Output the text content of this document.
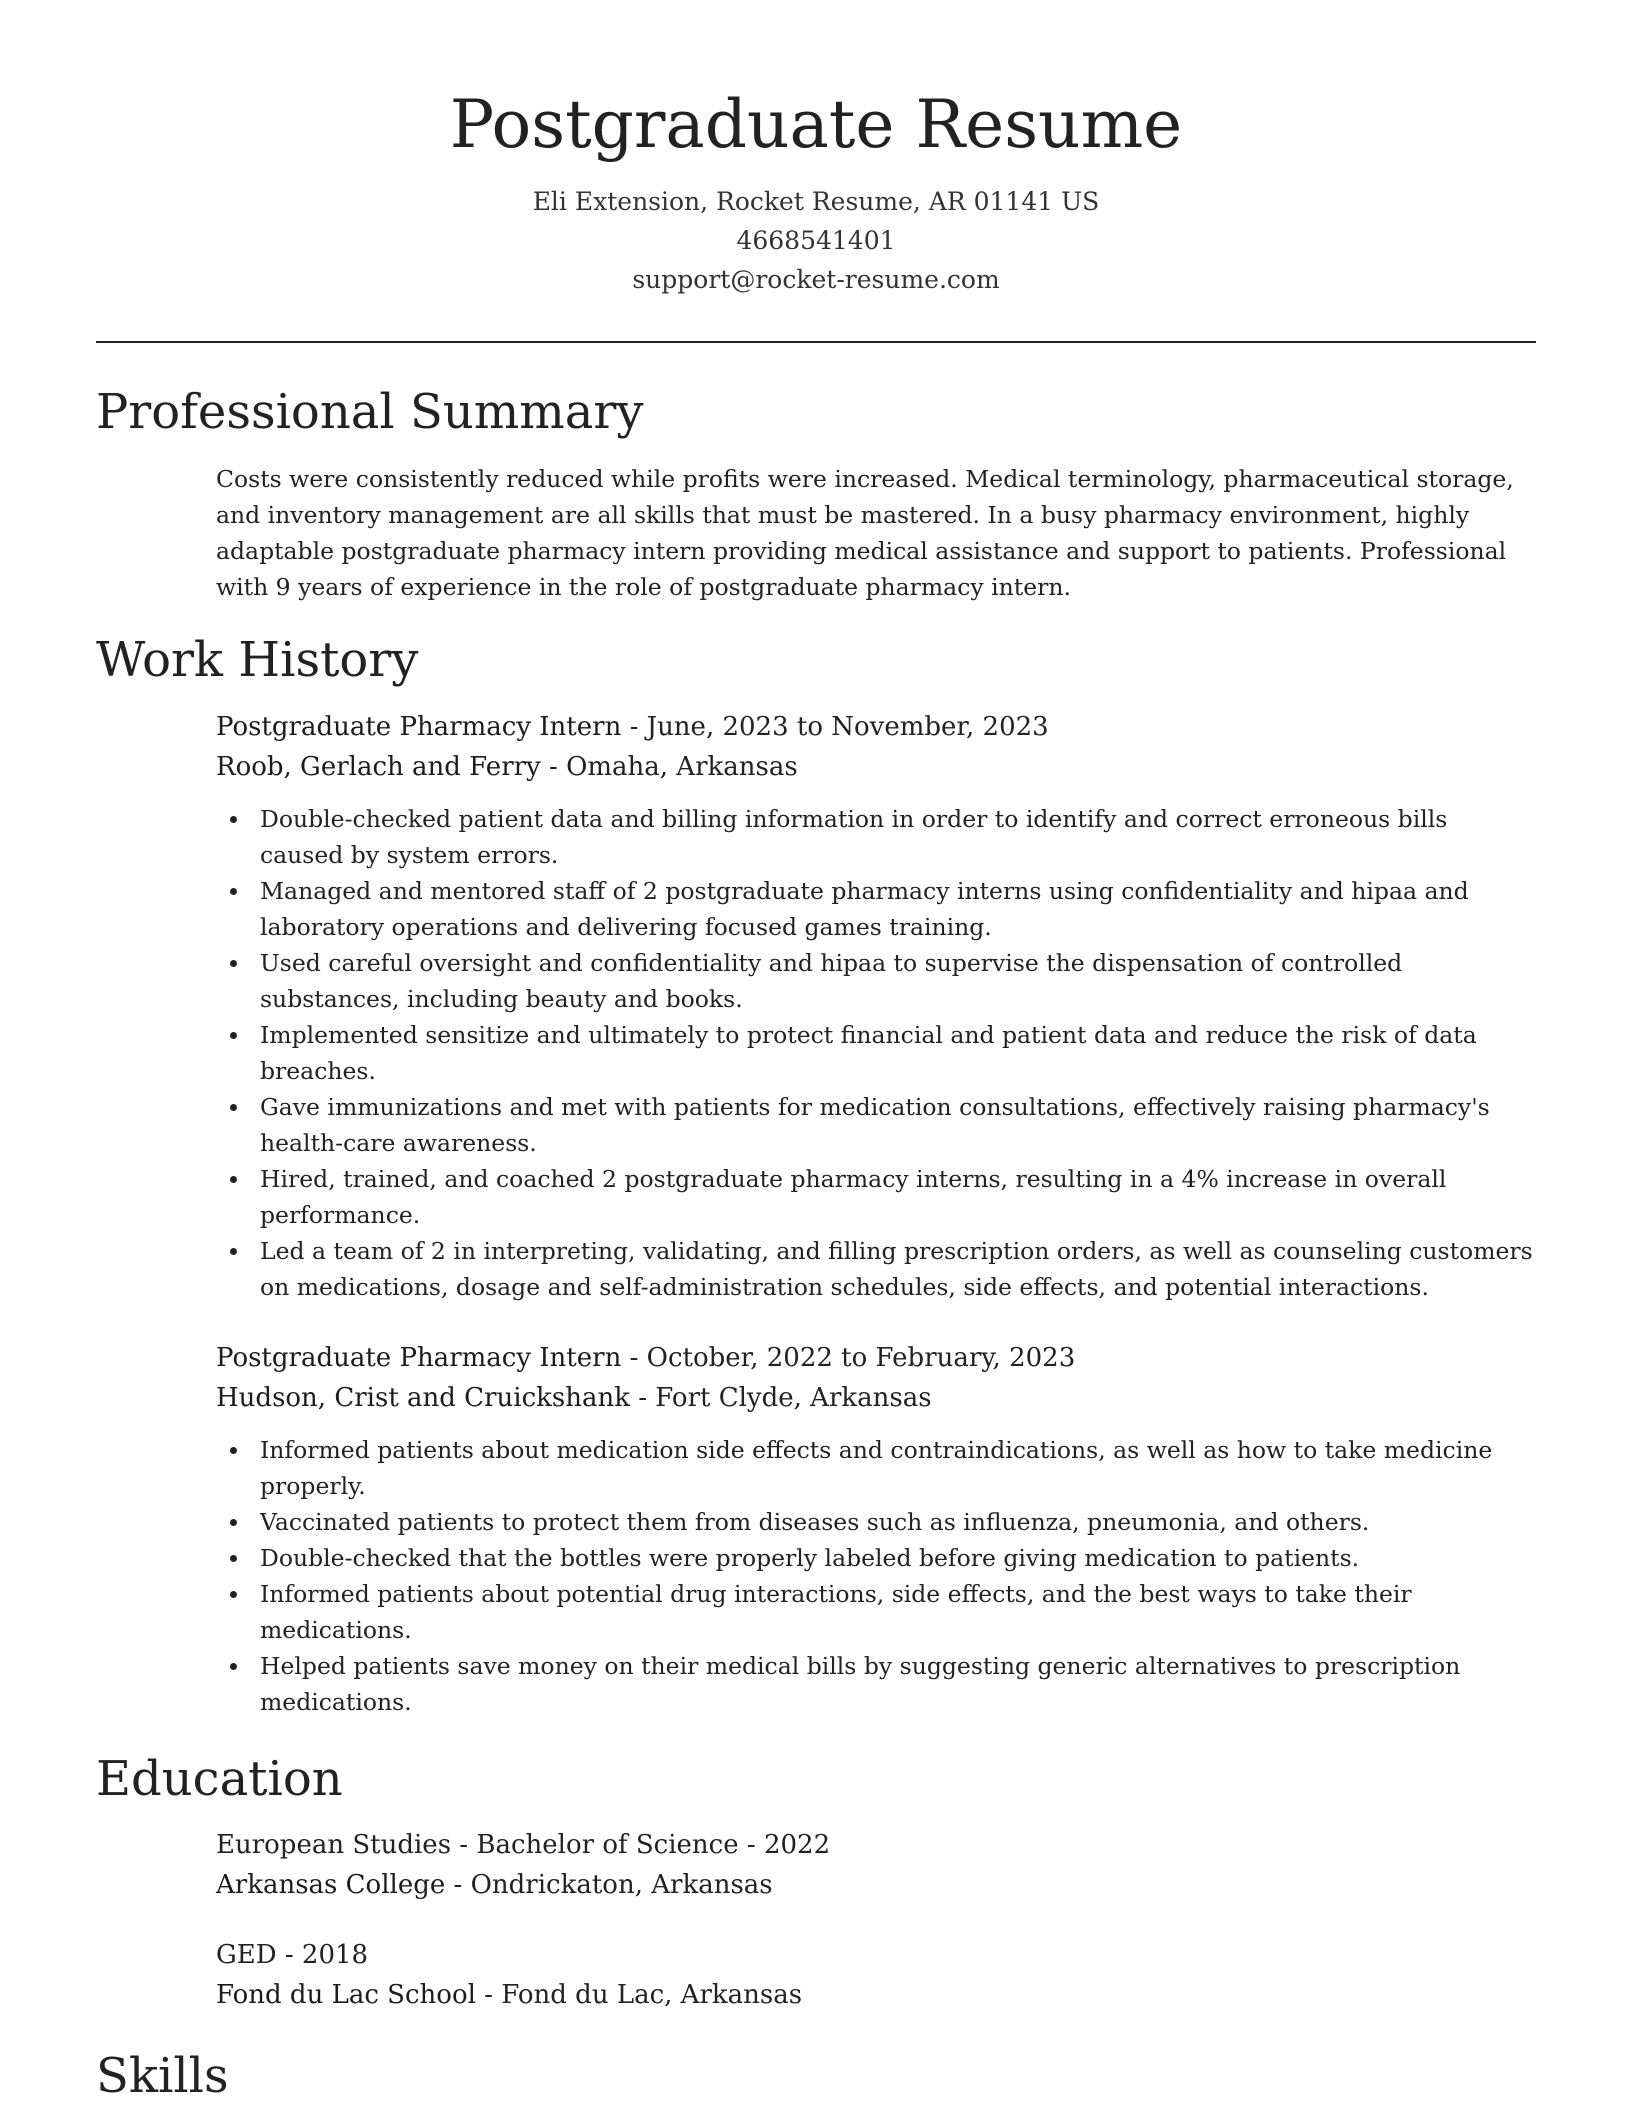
Postgraduate Resume
Eli Extension, Rocket Resume, AR 01141 US
4668541401
support@rocket-resume.com
Professional Summary

Costs were consistently reduced while profits were increased. Medical terminology, pharmaceutical storage, and inventory management are all skills that must be mastered. In a busy pharmacy environment, highly adaptable postgraduate pharmacy intern providing medical assistance and support to patients. Professional with 9 years of experience in the role of postgraduate pharmacy intern.

Work History
Postgraduate Pharmacy Intern - June, 2023 to November, 2023
Roob, Gerlach and Ferry - Omaha, Arkansas
Double-checked patient data and billing information in order to identify and correct erroneous bills caused by system errors.
Managed and mentored staff of 2 postgraduate pharmacy interns using confidentiality and hipaa and laboratory operations and delivering focused games training.
Used careful oversight and confidentiality and hipaa to supervise the dispensation of controlled substances, including beauty and books.
Implemented sensitize and ultimately to protect financial and patient data and reduce the risk of data breaches.
Gave immunizations and met with patients for medication consultations, effectively raising pharmacy's health-care awareness.
Hired, trained, and coached 2 postgraduate pharmacy interns, resulting in a 4% increase in overall performance.
Led a team of 2 in interpreting, validating, and filling prescription orders, as well as counseling customers on medications, dosage and self-administration schedules, side effects, and potential interactions.
Postgraduate Pharmacy Intern - October, 2022 to February, 2023
Hudson, Crist and Cruickshank - Fort Clyde, Arkansas
Informed patients about medication side effects and contraindications, as well as how to take medicine properly.
Vaccinated patients to protect them from diseases such as influenza, pneumonia, and others.
Double-checked that the bottles were properly labeled before giving medication to patients.
Informed patients about potential drug interactions, side effects, and the best ways to take their medications.
Helped patients save money on their medical bills by suggesting generic alternatives to prescription medications.
Education
European Studies - Bachelor of Science - 2022
Arkansas College - Ondrickaton, Arkansas
GED - 2018
Fond du Lac School - Fond du Lac, Arkansas
Skills
